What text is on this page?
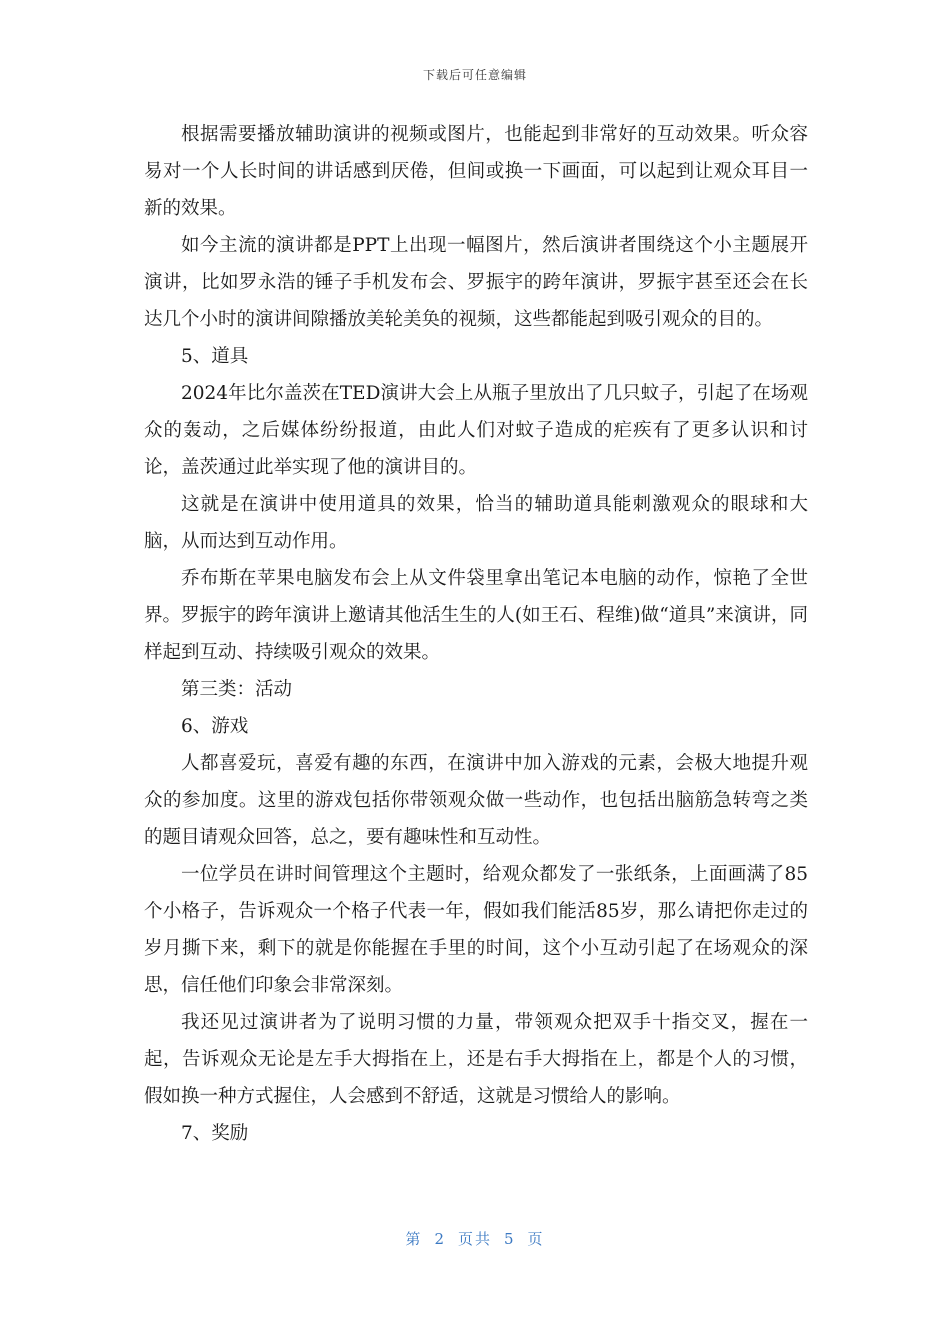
下载后可任意编辑

根据需要播放辅助演讲的视频或图片，也能起到非常好的互动效果。听众容易对一个人长时间的讲话感到厌倦，但间或换一下画面，可以起到让观众耳目一新的效果。

如今主流的演讲都是PPT上出现一幅图片，然后演讲者围绕这个小主题展开演讲，比如罗永浩的锤子手机发布会、罗振宇的跨年演讲，罗振宇甚至还会在长达几个小时的演讲间隙播放美轮美奂的视频，这些都能起到吸引观众的目的。

5、道具

2024年比尔盖茨在TED演讲大会上从瓶子里放出了几只蚊子，引起了在场观众的轰动，之后媒体纷纷报道，由此人们对蚊子造成的疟疾有了更多认识和讨论，盖茨通过此举实现了他的演讲目的。

这就是在演讲中使用道具的效果，恰当的辅助道具能刺激观众的眼球和大脑，从而达到互动作用。

乔布斯在苹果电脑发布会上从文件袋里拿出笔记本电脑的动作，惊艳了全世界。罗振宇的跨年演讲上邀请其他活生生的人(如王石、程维)做“道具”来演讲，同样起到互动、持续吸引观众的效果。

第三类：活动

6、游戏

人都喜爱玩，喜爱有趣的东西，在演讲中加入游戏的元素，会极大地提升观众的参加度。这里的游戏包括你带领观众做一些动作，也包括出脑筋急转弯之类的题目请观众回答，总之，要有趣味性和互动性。

一位学员在讲时间管理这个主题时，给观众都发了一张纸条，上面画满了85个小格子，告诉观众一个格子代表一年，假如我们能活85岁，那么请把你走过的岁月撕下来，剩下的就是你能握在手里的时间，这个小互动引起了在场观众的深思，信任他们印象会非常深刻。

我还见过演讲者为了说明习惯的力量，带领观众把双手十指交叉，握在一起，告诉观众无论是左手大拇指在上，还是右手大拇指在上，都是个人的习惯，假如换一种方式握住，人会感到不舒适，这就是习惯给人的影响。

7、奖励

第 2 页共 5 页
